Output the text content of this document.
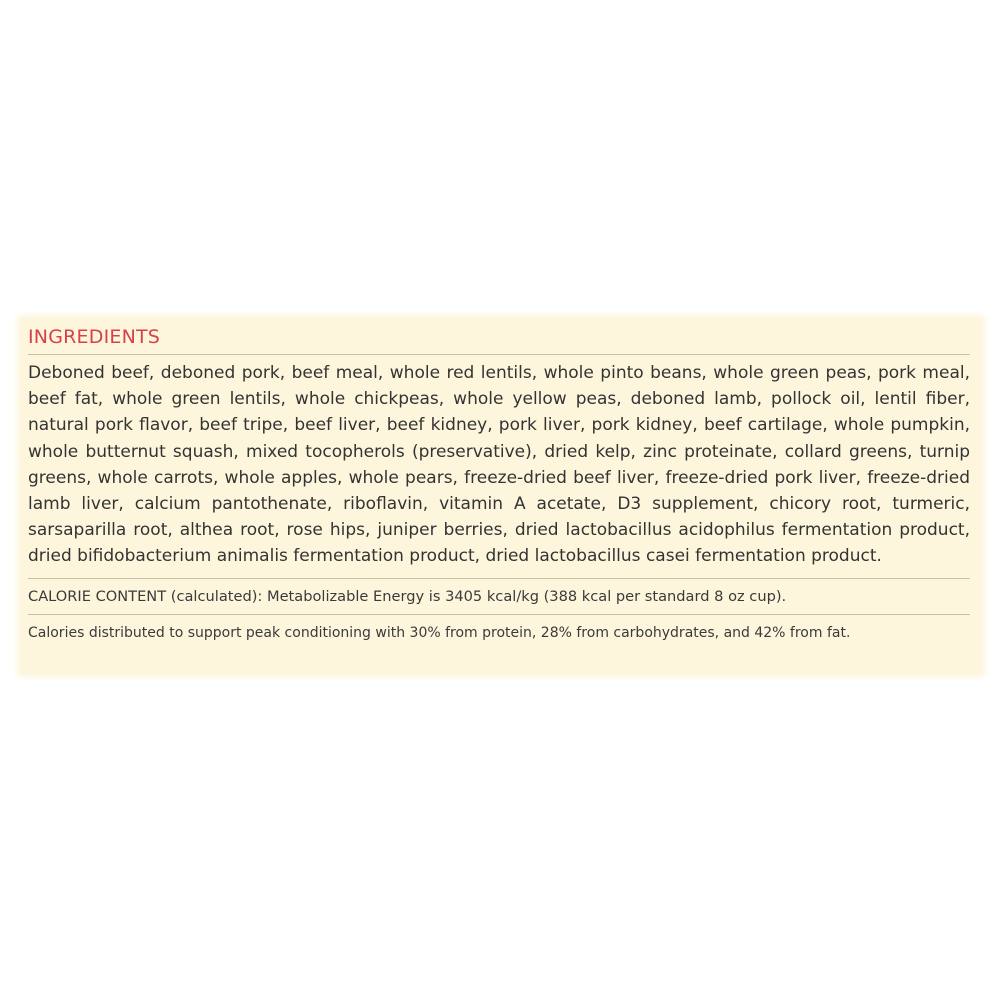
INGREDIENTS

Deboned beef, deboned pork, beef meal, whole red lentils, whole pinto beans, whole green peas, pork meal, beef fat, whole green lentils, whole chickpeas, whole yellow peas, deboned lamb, pollock oil, lentil fiber, natural pork flavor, beef tripe, beef liver, beef kidney, pork liver, pork kidney, beef cartilage, whole pumpkin, whole butternut squash, mixed tocopherols (preservative), dried kelp, zinc proteinate, collard greens, turnip greens, whole carrots, whole apples, whole pears, freeze-dried beef liver, freeze-dried pork liver, freeze-dried lamb liver, calcium pantothenate, riboflavin, vitamin A acetate, D3 supplement, chicory root, turmeric, sarsaparilla root, althea root, rose hips, juniper berries, dried lactobacillus acidophilus fermentation product, dried bifidobacterium animalis fermentation product, dried lactobacillus casei fermentation product.

CALORIE CONTENT (calculated): Metabolizable Energy is 3405 kcal/kg (388 kcal per standard 8 oz cup).

Calories distributed to support peak conditioning with 30% from protein, 28% from carbohydrates, and 42% from fat.
